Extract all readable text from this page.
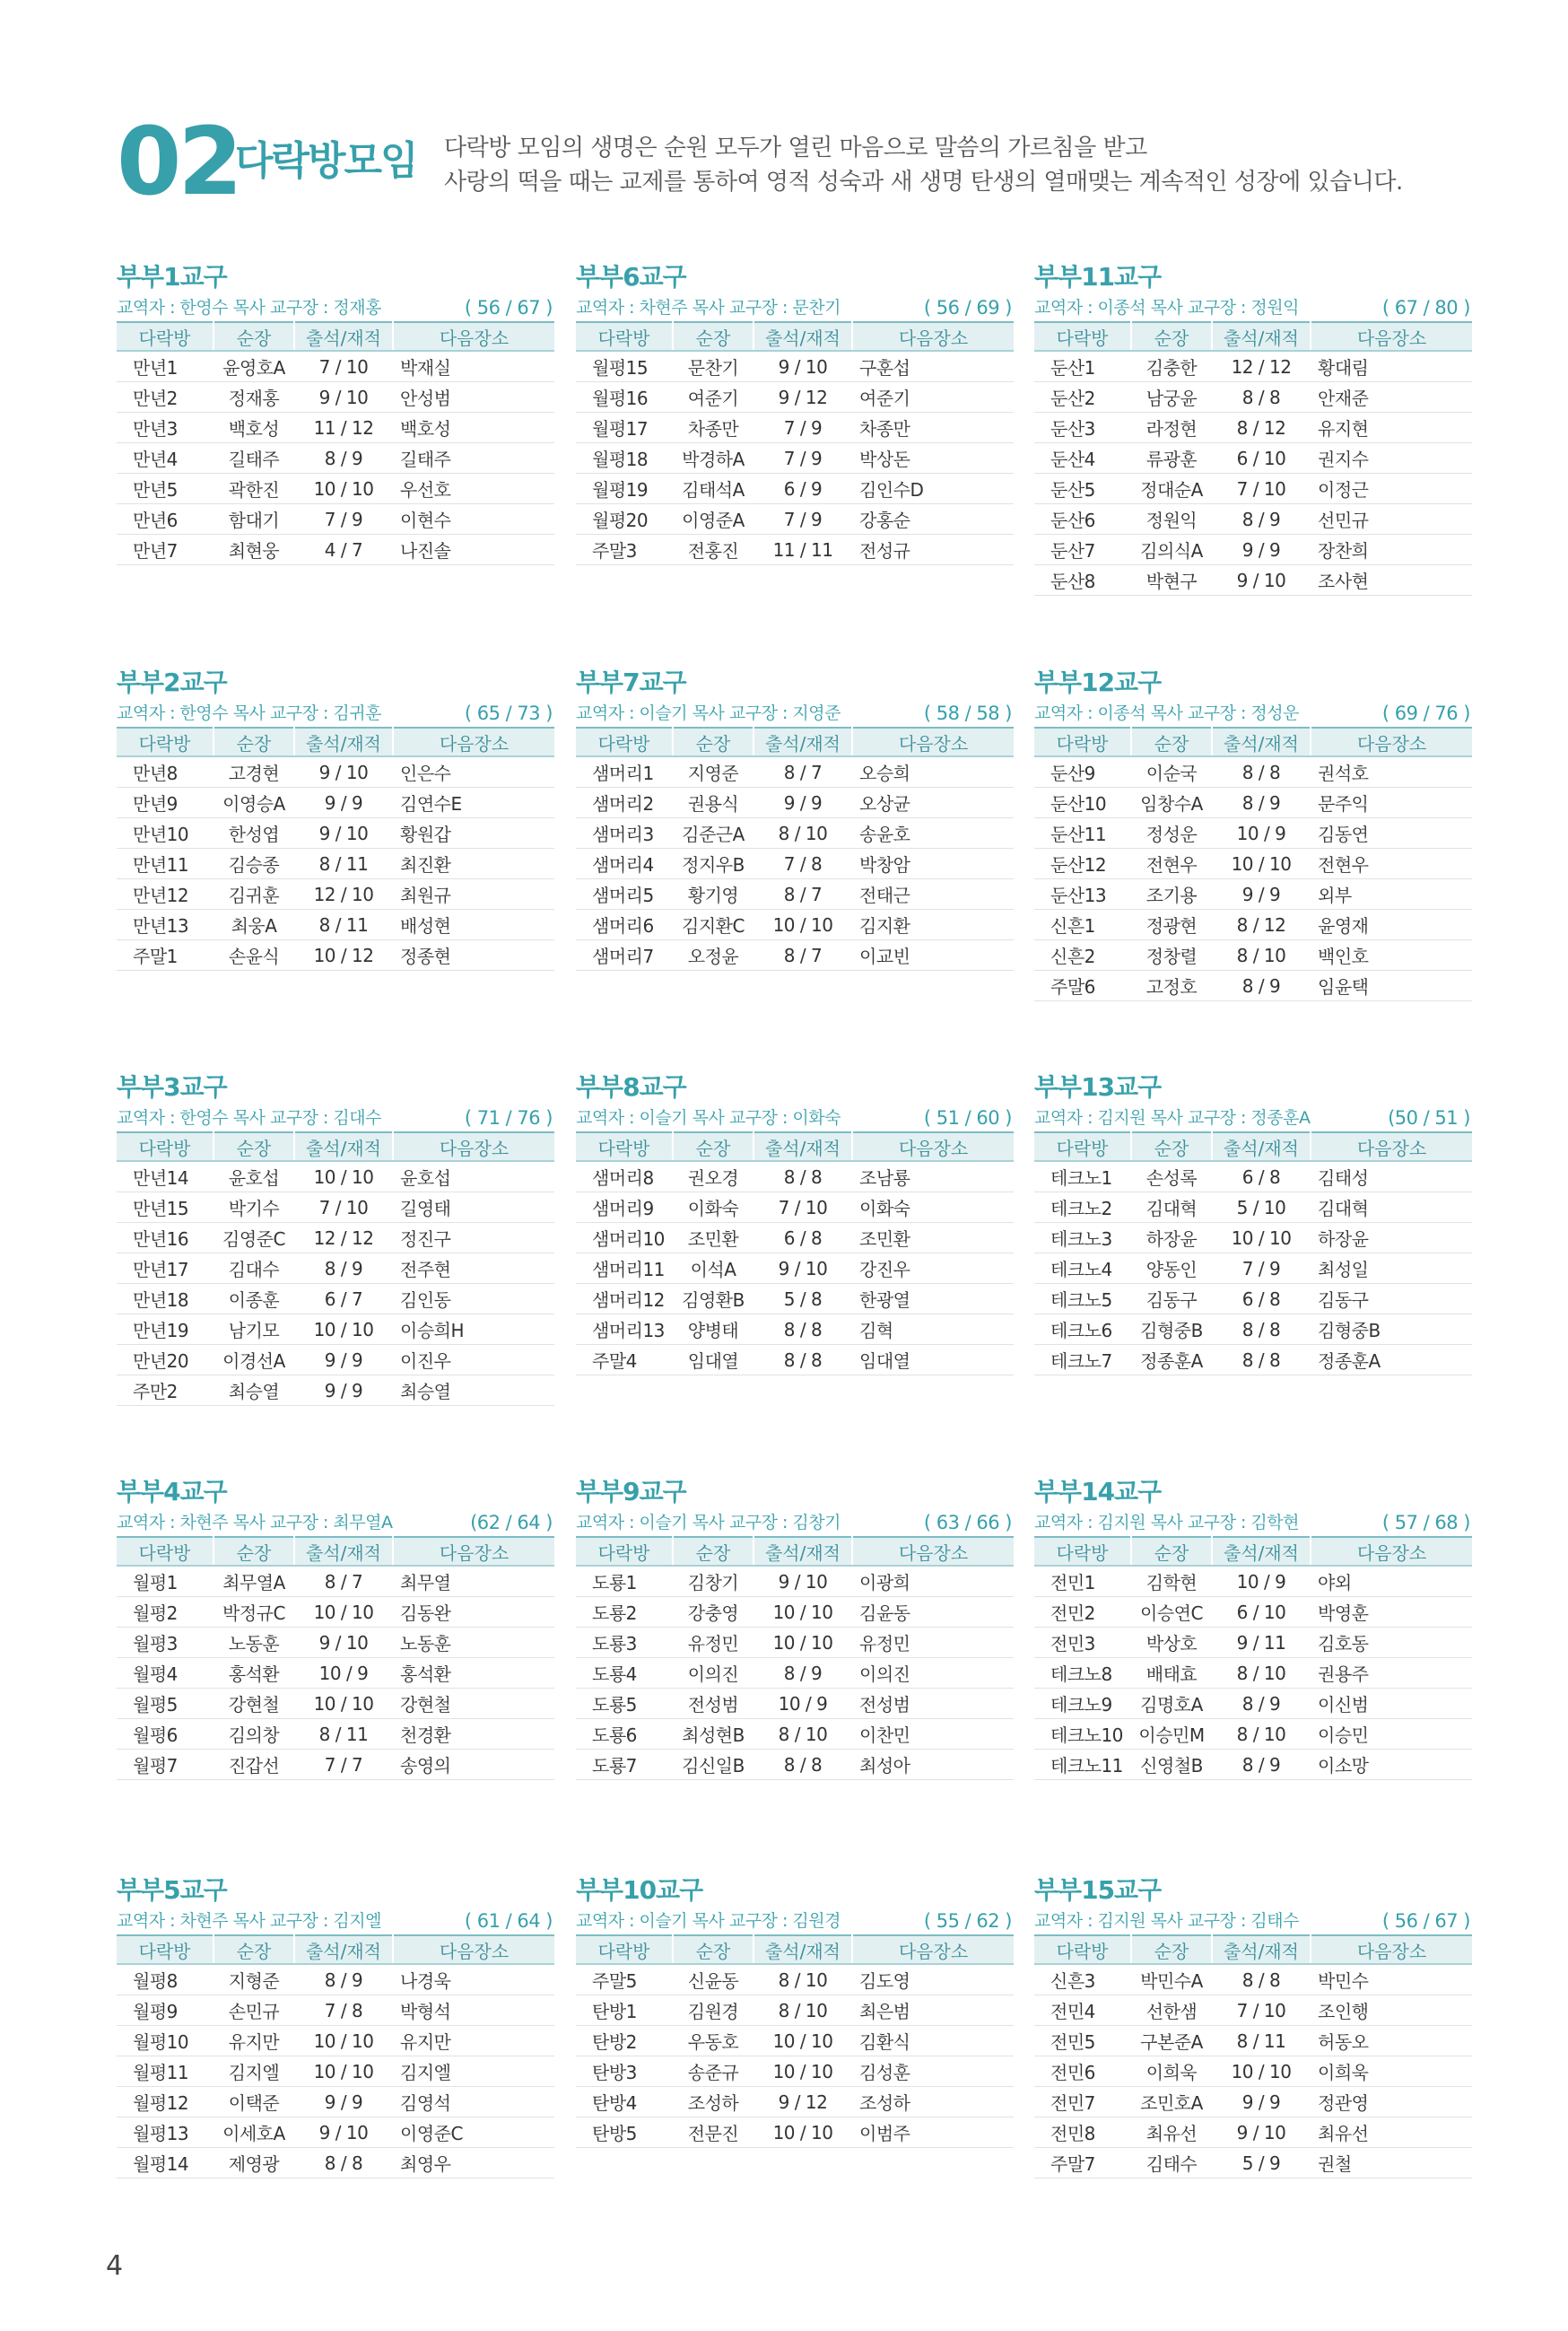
02
다락방모임 다락방 모임의 생명은 순원 모두가 열린 마음으로 말씀의 가르침을 받고
사랑의 떡을 때는 교제를 통하여 영적 성숙과 새 생명 탄생의 열매맺는 계속적인 성장에 있습니다.
부부1교구
교역자 : 한영수 목사 교구장 : 정재홍	( 56 / 67 )
다락방	순장	출석/재적	다음장소
만년1	윤영호A	7 / 10	박재실
만년2	정재홍	9 / 10	안성범
만년3	백호성	11 / 12	백호성
만년4	길태주	8 / 9	길태주
만년5	곽한진	10 / 10	우선호
만년6	함대기	7 / 9	이현수
만년7	최현웅	4 / 7	나진솔
부부6교구
교역자 : 차현주 목사 교구장 : 문찬기	( 56 / 69 )
다락방	순장	출석/재적	다음장소
월평15	문찬기	9 / 10	구훈섭
월평16	여준기	9 / 12	여준기
월평17	차종만	7 / 9	차종만
월평18	박경하A	7 / 9	박상돈
월평19	김태석A	6 / 9	김인수D
월평20	이영준A	7 / 9	강홍순
주말3	전홍진	11 / 11	전성규
부부11교구
교역자 : 이종석 목사 교구장 : 정원익	( 67 / 80 )
다락방	순장	출석/재적	다음장소
둔산1	김충한	12 / 12	황대림
둔산2	남궁윤	8 / 8	안재준
둔산3	라정현	8 / 12	유지현
둔산4	류광훈	6 / 10	권지수
둔산5	정대순A	7 / 10	이정근
둔산6	정원익	8 / 9	선민규
둔산7	김의식A	9 / 9	장찬희
둔산8	박현구	9 / 10	조사현
부부2교구
교역자 : 한영수 목사 교구장 : 김귀훈	( 65 / 73 )
다락방	순장	출석/재적	다음장소
만년8	고경현	9 / 10	인은수
만년9	이영승A	9 / 9	김연수E
만년10	한성엽	9 / 10	황원갑
만년11	김승종	8 / 11	최진환
만년12	김귀훈	12 / 10	최원규
만년13	최웅A	8 / 11	배성현
주말1	손윤식	10 / 12	정종현
부부7교구
교역자 : 이슬기 목사 교구장 : 지영준	( 58 / 58 )
다락방	순장	출석/재적	다음장소
샘머리1	지영준	8 / 7	오승희
샘머리2	권용식	9 / 9	오상균
샘머리3	김준근A	8 / 10	송윤호
샘머리4	정지우B	7 / 8	박창암
샘머리5	황기영	8 / 7	전태근
샘머리6	김지환C	10 / 10	김지환
샘머리7	오정윤	8 / 7	이교빈
부부12교구
교역자 : 이종석 목사 교구장 : 정성운	( 69 / 76 )
다락방	순장	출석/재적	다음장소
둔산9	이순국	8 / 8	권석호
둔산10	임창수A	8 / 9	문주익
둔산11	정성운	10 / 9	김동연
둔산12	전현우	10 / 10	전현우
둔산13	조기용	9 / 9	외부
신흔1	정광현	8 / 12	윤영재
신흔2	정창렬	8 / 10	백인호
주말6	고정호	8 / 9	임윤택
부부3교구
교역자 : 한영수 목사 교구장 : 김대수	( 71 / 76 )
다락방	순장	출석/재적	다음장소
만년14	윤호섭	10 / 10	윤호섭
만년15	박기수	7 / 10	길영태
만년16	김영준C	12 / 12	정진구
만년17	김대수	8 / 9	전주현
만년18	이종훈	6 / 7	김인동
만년19	남기모	10 / 10	이승희H
만년20	이경선A	9 / 9	이진우
주만2	최승열	9 / 9	최승열
부부8교구
교역자 : 이슬기 목사 교구장 : 이화숙	( 51 / 60 )
다락방	순장	출석/재적	다음장소
샘머리8	권오경	8 / 8	조남룡
샘머리9	이화숙	7 / 10	이화숙
샘머리10	조민환	6 / 8	조민환
샘머리11	이석A	9 / 10	강진우
샘머리12	김영환B	5 / 8	한광열
샘머리13	양병태	8 / 8	김혁
주말4	임대열	8 / 8	임대열
부부13교구
교역자 : 김지원 목사 교구장 : 정종훈A	(50 / 51 )
다락방	순장	출석/재적	다음장소
테크노1	손성록	6 / 8	김태성
테크노2	김대혁	5 / 10	김대혁
테크노3	하장윤	10 / 10	하장윤
테크노4	양동인	7 / 9	최성일
테크노5	김동구	6 / 8	김동구
테크노6	김형중B	8 / 8	김형중B
테크노7	정종훈A	8 / 8	정종훈A
부부4교구
교역자 : 차현주 목사 교구장 : 최무열A	(62 / 64 )
다락방	순장	출석/재적	다음장소
월평1	최무열A	8 / 7	최무열
월평2	박정규C	10 / 10	김동완
월평3	노동훈	9 / 10	노동훈
월평4	홍석환	10 / 9	홍석환
월평5	강현철	10 / 10	강현철
월평6	김의창	8 / 11	천경환
월평7	진갑선	7 / 7	송영의
부부9교구
교역자 : 이슬기 목사 교구장 : 김창기	( 63 / 66 )
다락방	순장	출석/재적	다음장소
도룡1	김창기	9 / 10	이광희
도룡2	강충영	10 / 10	김윤동
도룡3	유정민	10 / 10	유정민
도룡4	이의진	8 / 9	이의진
도룡5	전성범	10 / 9	전성범
도룡6	최성현B	8 / 10	이찬민
도룡7	김신일B	8 / 8	최성아
부부14교구
교역자 : 김지원 목사 교구장 : 김학현	( 57 / 68 )
다락방	순장	출석/재적	다음장소
전민1	김학현	10 / 9	야외
전민2	이승연C	6 / 10	박영훈
전민3	박상호	9 / 11	김호동
테크노8	배태효	8 / 10	권용주
테크노9	김명호A	8 / 9	이신범
테크노10	이승민M	8 / 10	이승민
테크노11	신영철B	8 / 9	이소망
부부5교구
교역자 : 차현주 목사 교구장 : 김지엘	( 61 / 64 )
다락방	순장	출석/재적	다음장소
월평8	지형준	8 / 9	나경욱
월평9	손민규	7 / 8	박형석
월평10	유지만	10 / 10	유지만
월평11	김지엘	10 / 10	김지엘
월평12	이택준	9 / 9	김영석
월평13	이세호A	9 / 10	이영준C
월평14	제영광	8 / 8	최영우
부부10교구
교역자 : 이슬기 목사 교구장 : 김원경	( 55 / 62 )
다락방	순장	출석/재적	다음장소
주말5	신윤동	8 / 10	김도영
탄방1	김원경	8 / 10	최은범
탄방2	우동호	10 / 10	김환식
탄방3	송준규	10 / 10	김성훈
탄방4	조성하	9 / 12	조성하
탄방5	전문진	10 / 10	이범주
부부15교구
교역자 : 김지원 목사 교구장 : 김태수	( 56 / 67 )
다락방	순장	출석/재적	다음장소
신흔3	박민수A	8 / 8	박민수
전민4	선한샘	7 / 10	조인행
전민5	구본준A	8 / 11	허동오
전민6	이희욱	10 / 10	이희욱
전민7	조민호A	9 / 9	정관영
전민8	최유선	9 / 10	최유선
주말7	김태수	5 / 9	권철
4
